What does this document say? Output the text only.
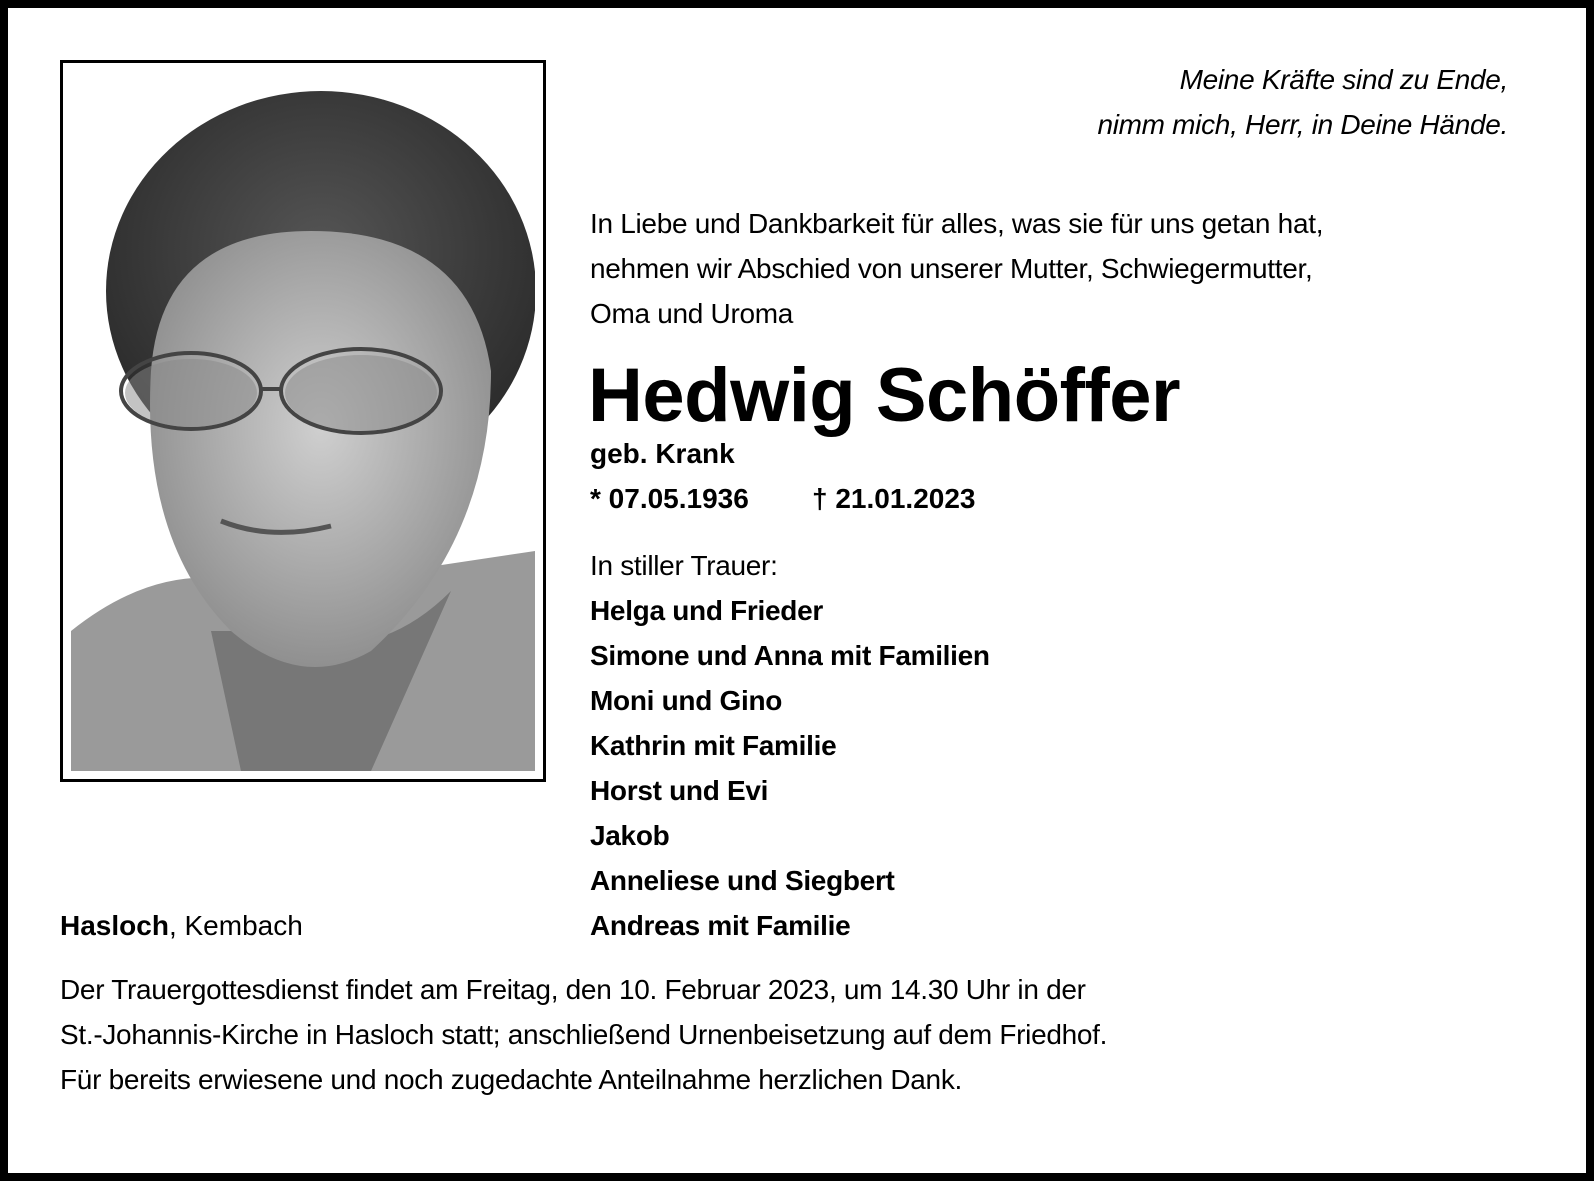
Meine Kräfte sind zu Ende,
nimm mich, Herr, in Deine Hände.
In Liebe und Dankbarkeit für alles, was sie für uns getan hat,
nehmen wir Abschied von unserer Mutter, Schwiegermutter,
Oma und Uroma
Hedwig Schöffer
geb. Krank
* 07.05.1936 † 21.01.2023
In stiller Trauer:
Helga und Frieder
Simone und Anna mit Familien
Moni und Gino
Kathrin mit Familie
Horst und Evi
Jakob
Anneliese und Siegbert
Andreas mit Familie
Hasloch, Kembach
Der Trauergottesdienst findet am Freitag, den 10. Februar 2023, um 14.30 Uhr in der
St.-Johannis-Kirche in Hasloch statt; anschließend Urnenbeisetzung auf dem Friedhof.
Für bereits erwiesene und noch zugedachte Anteilnahme herzlichen Dank.
